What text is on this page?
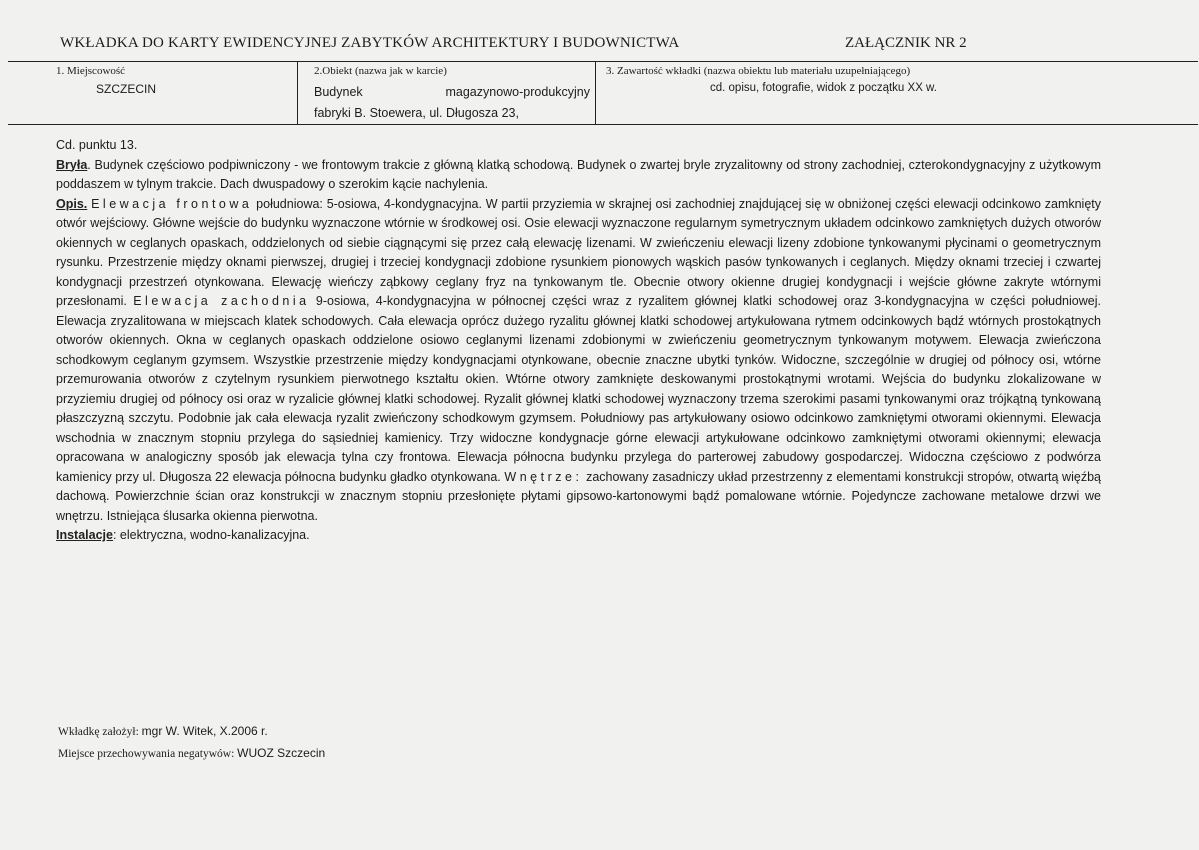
WKŁADKA DO KARTY EWIDENCYJNEJ ZABYTKÓW ARCHITEKTURY I BUDOWNICTWA	ZAŁĄCZNIK NR 2
1. Miejscowość
SZCZECIN
2.Obiekt (nazwa jak w karcie)
Budynek	magazynowo-produkcyjny
fabryki B. Stoewera, ul. Długosza 23,
3. Zawartość wkładki (nazwa obiektu lub materiału uzupełniającego)
cd. opisu, fotografie, widok z początku XX w.

Cd. punktu 13.

Bryła. Budynek częściowo podpiwniczony - we frontowym trakcie z główną klatką schodową. Budynek o zwartej bryle zryzalitowny od strony zachodniej, czterokondygnacyjny z użytkowym poddaszem w tylnym trakcie. Dach dwuspadowy o szerokim kącie nachylenia.

Opis. Elewacja frontowa południowa: 5-osiowa, 4-kondygnacyjna. W partii przyziemia w skrajnej osi zachodniej znajdującej się w obniżonej części elewacji odcinkowo zamknięty otwór wejściowy. Główne wejście do budynku wyznaczone wtórnie w środkowej osi. Osie elewacji wyznaczone regularnym symetrycznym układem odcinkowo zamkniętych dużych otworów okiennych w ceglanych opaskach, oddzielonych od siebie ciągnącymi się przez całą elewację lizenami. W zwieńczeniu elewacji lizeny zdobione tynkowanymi płycinami o geometrycznym rysunku. Przestrzenie między oknami pierwszej, drugiej i trzeciej kondygnacji zdobione rysunkiem pionowych wąskich pasów tynkowanych i ceglanych. Między oknami trzeciej i czwartej kondygnacji przestrzeń otynkowana. Elewację wieńczy ząbkowy ceglany fryz na tynkowanym tle. Obecnie otwory okienne drugiej kondygnacji i wejście główne zakryte wtórnymi przesłonami. Elewacja zachodnia 9-osiowa, 4-kondygnacyjna w północnej części wraz z ryzalitem głównej klatki schodowej oraz 3-kondygnacyjna w części południowej. Elewacja zryzalitowana w miejscach klatek schodowych. Cała elewacja oprócz dużego ryzalitu głównej klatki schodowej artykułowana rytmem odcinkowych bądź wtórnych prostokątnych otworów okiennych. Okna w ceglanych opaskach oddzielone osiowo ceglanymi lizenami zdobionymi w zwieńczeniu geometrycznym tynkowanym motywem. Elewacja zwieńczona schodkowym ceglanym gzymsem. Wszystkie przestrzenie między kondygnacjami otynkowane, obecnie znaczne ubytki tynków. Widoczne, szczególnie w drugiej od północy osi, wtórne przemurowania otworów z czytelnym rysunkiem pierwotnego kształtu okien. Wtórne otwory zamknięte deskowanymi prostokątnymi wrotami. Wejścia do budynku zlokalizowane w przyziemiu drugiej od północy osi oraz w ryzalicie głównej klatki schodowej. Ryzalit głównej klatki schodowej wyznaczony trzema szerokimi pasami tynkowanymi oraz trójkątną tynkowaną płaszczyzną szczytu. Podobnie jak cała elewacja ryzalit zwieńczony schodkowym gzymsem. Południowy pas artykułowany osiowo odcinkowo zamkniętymi otworami okiennymi. Elewacja wschodnia w znacznym stopniu przylega do sąsiedniej kamienicy. Trzy widoczne kondygnacje górne elewacji artykułowane odcinkowo zamkniętymi otworami okiennymi; elewacja opracowana w analogiczny sposób jak elewacja tylna czy frontowa. Elewacja północna budynku przylega do parterowej zabudowy gospodarczej. Widoczna częściowo z podwórza kamienicy przy ul. Długosza 22 elewacja północna budynku gładko otynkowana. Wnętrze: zachowany zasadniczy układ przestrzenny z elementami konstrukcji stropów, otwartą więźbą dachową. Powierzchnie ścian oraz konstrukcji w znacznym stopniu przesłonięte płytami gipsowo-kartonowymi bądź pomalowane wtórnie. Pojedyncze zachowane metalowe drzwi we wnętrzu. Istniejąca ślusarka okienna pierwotna.

Instalacje: elektryczna, wodno-kanalizacyjna.

Wkładkę założył: mgr W. Witek, X.2006 r.
Miejsce przechowywania negatywów: WUOZ Szczecin
